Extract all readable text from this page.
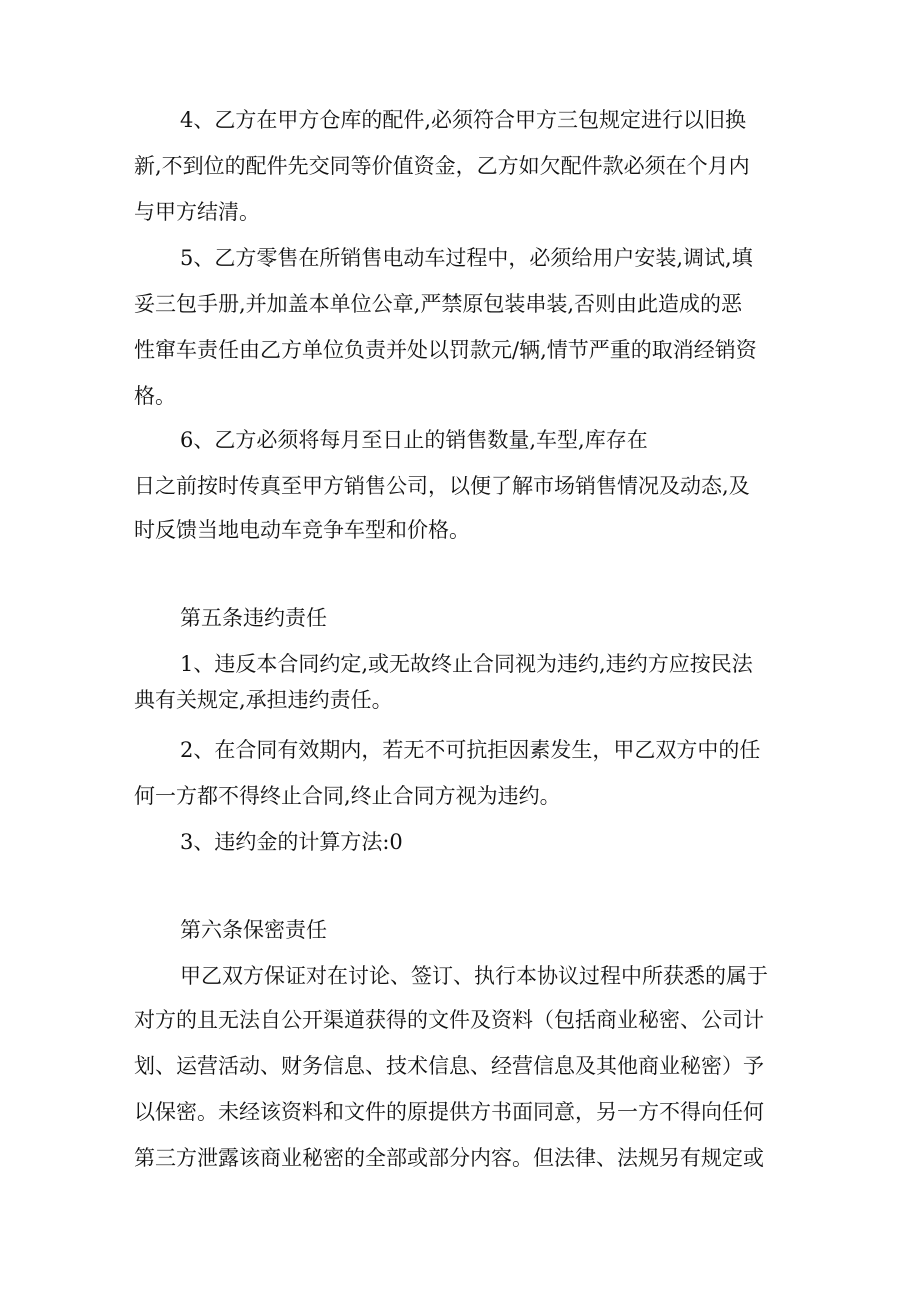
4、乙方在甲方仓库的配件,必须符合甲方三包规定进行以旧换
新,不到位的配件先交同等价值资金，乙方如欠配件款必须在个月内
与甲方结清。
5、乙方零售在所销售电动车过程中，必须给用户安装,调试,填
妥三包手册,并加盖本单位公章,严禁原包装串装,否则由此造成的恶
性窜车责任由乙方单位负责并处以罚款元/辆,情节严重的取消经销资
格。
6、乙方必须将每月至日止的销售数量,车型,库存在
日之前按时传真至甲方销售公司，以便了解市场销售情况及动态,及
时反馈当地电动车竞争车型和价格。
第五条违约责任
1、违反本合同约定,或无故终止合同视为违约,违约方应按民法
典有关规定,承担违约责任。
2、在合同有效期内，若无不可抗拒因素发生，甲乙双方中的任
何一方都不得终止合同,终止合同方视为违约。
3、违约金的计算方法:0
第六条保密责任
甲乙双方保证对在讨论、签订、执行本协议过程中所获悉的属于
对方的且无法自公开渠道获得的文件及资料（包括商业秘密、公司计
划、运营活动、财务信息、技术信息、经营信息及其他商业秘密）予
以保密。未经该资料和文件的原提供方书面同意，另一方不得向任何
第三方泄露该商业秘密的全部或部分内容。但法律、法规另有规定或
